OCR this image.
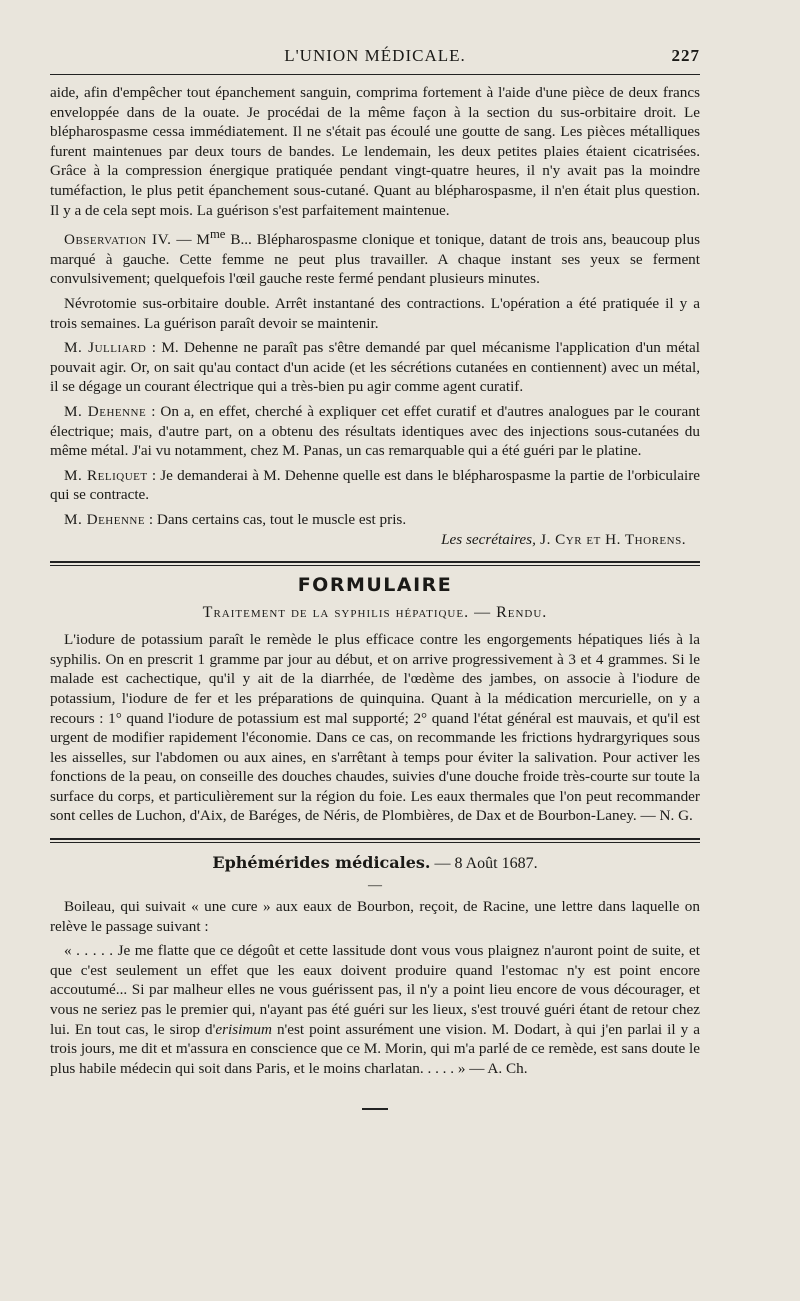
L'UNION MÉDICALE.	227

aide, afin d'empêcher tout épanchement sanguin, comprima fortement à l'aide d'une pièce de deux francs enveloppée dans de la ouate. Je procédai de la même façon à la section du sus-orbitaire droit. Le blépharospasme cessa immédiatement. Il ne s'était pas écoulé une goutte de sang. Les pièces métalliques furent maintenues par deux tours de bandes. Le lendemain, les deux petites plaies étaient cicatrisées. Grâce à la compression énergique pratiquée pendant vingt-quatre heures, il n'y avait pas la moindre tuméfaction, le plus petit épanchement sous-cutané. Quant au blépharospasme, il n'en était plus question. Il y a de cela sept mois. La guérison s'est parfaitement maintenue.

Observation IV. — $M^{me}$ B... Blépharospasme clonique et tonique, datant de trois ans, beaucoup plus marqué à gauche. Cette femme ne peut plus travailler. A chaque instant ses yeux se ferment convulsivement; quelquefois l'œil gauche reste fermé pendant plusieurs minutes.

Névrotomie sus-orbitaire double. Arrêt instantané des contractions. L'opération a été pratiquée il y a trois semaines. La guérison paraît devoir se maintenir.

M. Julliard : M. Dehenne ne paraît pas s'être demandé par quel mécanisme l'application d'un métal pouvait agir. Or, on sait qu'au contact d'un acide (et les sécrétions cutanées en contiennent) avec un métal, il se dégage un courant électrique qui a très-bien pu agir comme agent curatif.

M. Dehenne : On a, en effet, cherché à expliquer cet effet curatif et d'autres analogues par le courant électrique; mais, d'autre part, on a obtenu des résultats identiques avec des injections sous-cutanées du même métal. J'ai vu notamment, chez M. Panas, un cas remarquable qui a été guéri par le platine.

M. Reliquet : Je demanderai à M. Dehenne quelle est dans le blépharospasme la partie de l'orbiculaire qui se contracte.

M. Dehenne : Dans certains cas, tout le muscle est pris.

Les secrétaires, J. Cyr et H. Thorens.

FORMULAIRE
Traitement de la syphilis hépatique. — Rendu.

L'iodure de potassium paraît le remède le plus efficace contre les engorgements hépatiques liés à la syphilis. On en prescrit 1 gramme par jour au début, et on arrive progressivement à 3 et 4 grammes. Si le malade est cachectique, qu'il y ait de la diarrhée, de l'œdème des jambes, on associe à l'iodure de potassium, l'iodure de fer et les préparations de quinquina. Quant à la médication mercurielle, on y a recours : 1° quand l'iodure de potassium est mal supporté; 2° quand l'état général est mauvais, et qu'il est urgent de modifier rapidement l'économie. Dans ce cas, on recommande les frictions hydrargyriques sous les aisselles, sur l'abdomen ou aux aines, en s'arrêtant à temps pour éviter la salivation. Pour activer les fonctions de la peau, on conseille des douches chaudes, suivies d'une douche froide très-courte sur toute la surface du corps, et particulièrement sur la région du foie. Les eaux thermales que l'on peut recommander sont celles de Luchon, d'Aix, de Baréges, de Néris, de Plombières, de Dax et de Bourbon-Laney. — N. G.

Ephémérides médicales. — 8 Août 1687.
—

Boileau, qui suivait « une cure » aux eaux de Bourbon, reçoit, de Racine, une lettre dans laquelle on relève le passage suivant :

« . . . . . Je me flatte que ce dégoût et cette lassitude dont vous vous plaignez n'auront point de suite, et que c'est seulement un effet que les eaux doivent produire quand l'estomac n'y est point encore accoutumé... Si par malheur elles ne vous guérissent pas, il n'y a point lieu encore de vous décourager, et vous ne seriez pas le premier qui, n'ayant pas été guéri sur les lieux, s'est trouvé guéri étant de retour chez lui. En tout cas, le sirop d'erisimum n'est point assurément une vision. M. Dodart, à qui j'en parlai il y a trois jours, me dit et m'assura en conscience que ce M. Morin, qui m'a parlé de ce remède, est sans doute le plus habile médecin qui soit dans Paris, et le moins charlatan. . . . . » — A. Ch.
